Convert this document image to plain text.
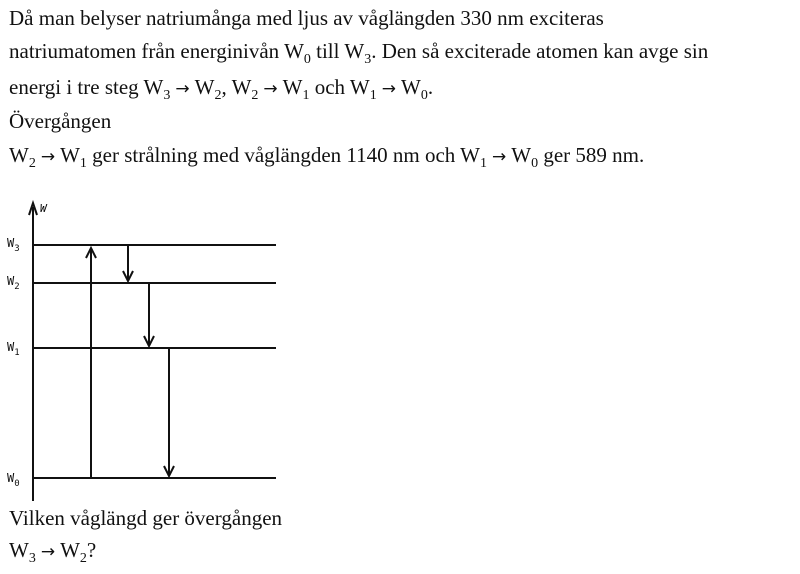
Då man belyser natriumånga med ljus av våglängden 330 nm exciteras
natriumatomen från energinivån $W_0$ till $W_3$. Den så exciterade atomen kan avge sin
energi i tre steg $W_3 \to W_2$, $W_2 \to W_1$ och $W_1 \to W_0$.
Övergången
$W_2 \to W_1$ ger strålning med våglängden 1140 nm och $W_1 \to W_0$ ger 589 nm.
W
$W_3$
$W_2$
$W_1$
$W_0$
Vilken våglängd ger övergången
$W_3 \to W_2$?
